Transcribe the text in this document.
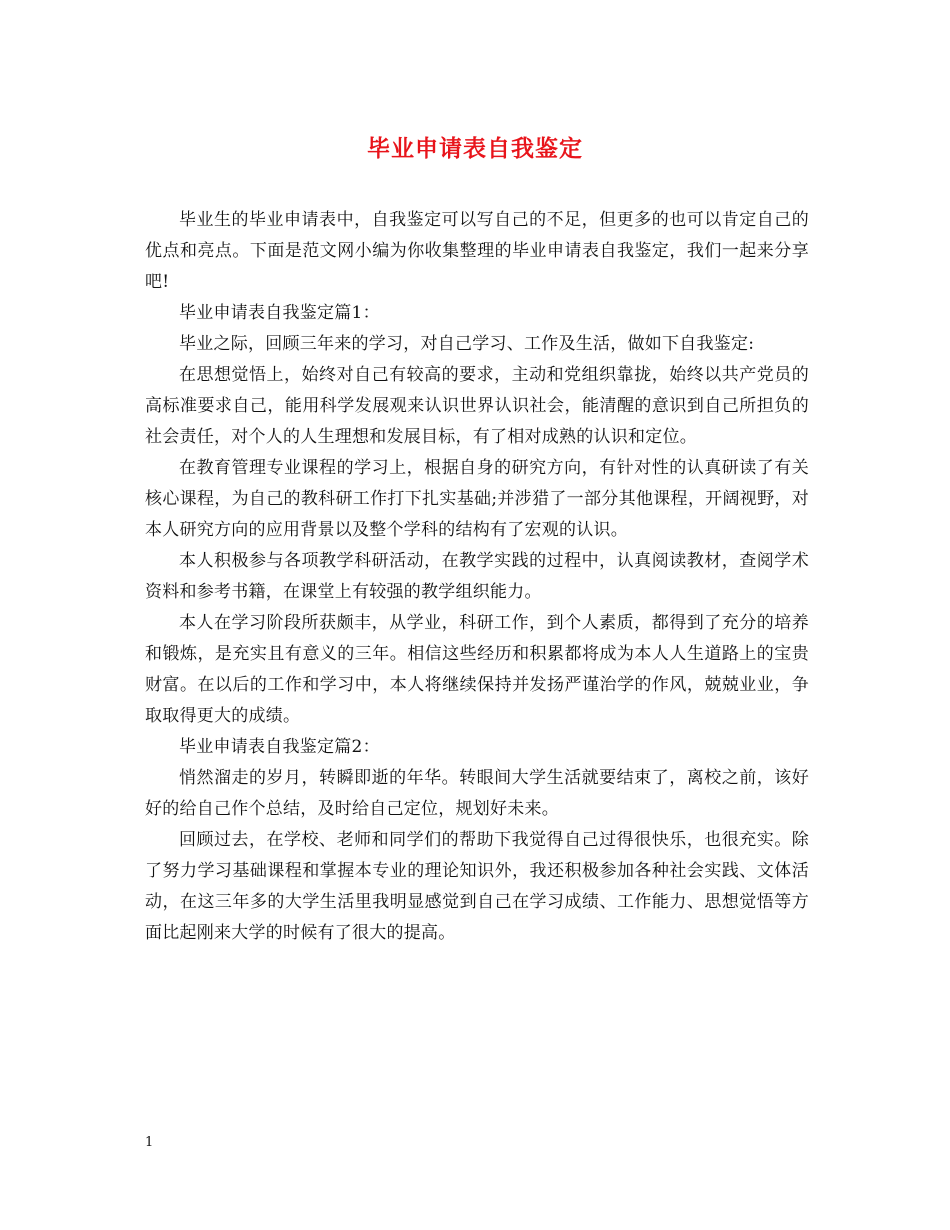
毕业申请表自我鉴定

毕业生的毕业申请表中，自我鉴定可以写自己的不足，但更多的也可以肯定自己的优点和亮点。下面是范文网小编为你收集整理的毕业申请表自我鉴定，我们一起来分享吧!

毕业申请表自我鉴定篇1：

毕业之际，回顾三年来的学习，对自己学习、工作及生活，做如下自我鉴定:

在思想觉悟上，始终对自己有较高的要求，主动和党组织靠拢，始终以共产党员的高标准要求自己，能用科学发展观来认识世界认识社会，能清醒的意识到自己所担负的社会责任，对个人的人生理想和发展目标，有了相对成熟的认识和定位。

在教育管理专业课程的学习上，根据自身的研究方向，有针对性的认真研读了有关核心课程，为自己的教科研工作打下扎实基础;并涉猎了一部分其他课程，开阔视野，对本人研究方向的应用背景以及整个学科的结构有了宏观的认识。

本人积极参与各项教学科研活动，在教学实践的过程中，认真阅读教材，查阅学术资料和参考书籍，在课堂上有较强的教学组织能力。

本人在学习阶段所获颇丰，从学业，科研工作，到个人素质，都得到了充分的培养和锻炼，是充实且有意义的三年。相信这些经历和积累都将成为本人人生道路上的宝贵财富。在以后的工作和学习中，本人将继续保持并发扬严谨治学的作风，兢兢业业，争取取得更大的成绩。

毕业申请表自我鉴定篇2：

悄然溜走的岁月，转瞬即逝的年华。转眼间大学生活就要结束了，离校之前，该好好的给自己作个总结，及时给自己定位，规划好未来。

回顾过去，在学校、老师和同学们的帮助下我觉得自己过得很快乐，也很充实。除了努力学习基础课程和掌握本专业的理论知识外，我还积极参加各种社会实践、文体活动，在这三年多的大学生活里我明显感觉到自己在学习成绩、工作能力、思想觉悟等方面比起刚来大学的时候有了很大的提高。

1
